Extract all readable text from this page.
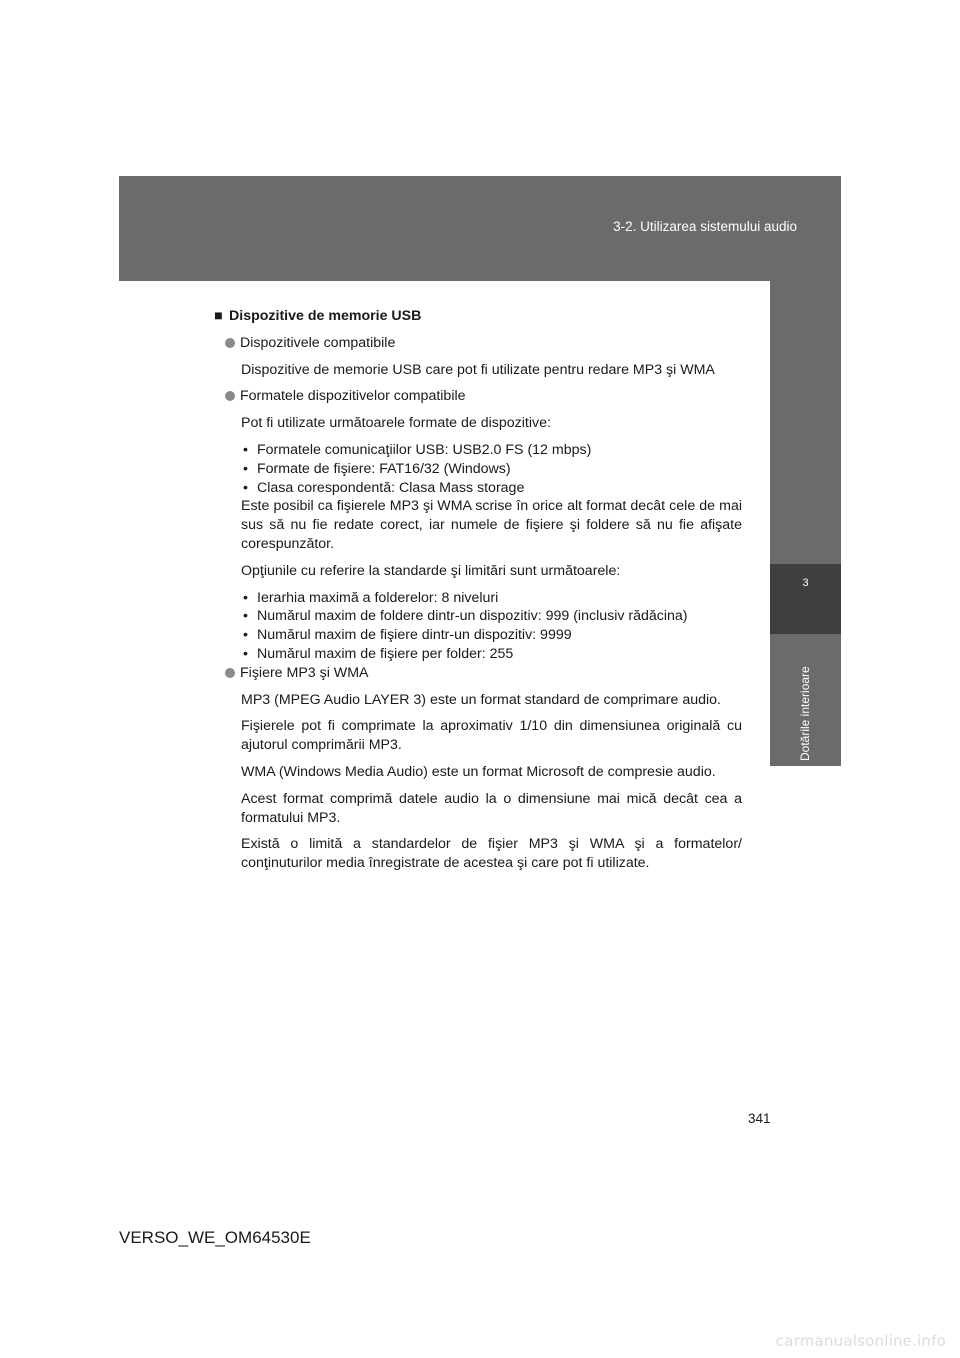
3-2. Utilizarea sistemului audio
3
Dotările interioare
■ Dispozitive de memorie USB
Dispozitivele compatibile

Dispozitive de memorie USB care pot fi utilizate pentru redare MP3 şi WMA

Formatele dispozitivelor compatibile

Pot fi utilizate următoarele formate de dispozitive:

• Formatele comunicaţiilor USB: USB2.0 FS (12 mbps)
• Formate de fişiere: FAT16/32 (Windows)
• Clasa corespondentă: Clasa Mass storage

Este posibil ca fişierele MP3 şi WMA scrise în orice alt format decât cele de mai sus să nu fie redate corect, iar numele de fişiere şi foldere să nu fie afişate corespunzător.

Opţiunile cu referire la standarde şi limitări sunt următoarele:

• Ierarhia maximă a folderelor: 8 niveluri
• Numărul maxim de foldere dintr-un dispozitiv: 999 (inclusiv rădăcina)
• Numărul maxim de fişiere dintr-un dispozitiv: 9999
• Numărul maxim de fişiere per folder: 255
Fişiere MP3 şi WMA

MP3 (MPEG Audio LAYER 3) este un format standard de comprimare audio.

Fişierele pot fi comprimate la aproximativ 1/10 din dimensiunea originală cu ajutorul comprimării MP3.

WMA (Windows Media Audio) este un format Microsoft de compresie audio.

Acest format comprimă datele audio la o dimensiune mai mică decât cea a formatului MP3.

Există o limită a standardelor de fişier MP3 şi WMA şi a formatelor/ conţinuturilor media înregistrate de acestea şi care pot fi utilizate.

341
VERSO_WE_OM64530E
carmanualsonline.info
